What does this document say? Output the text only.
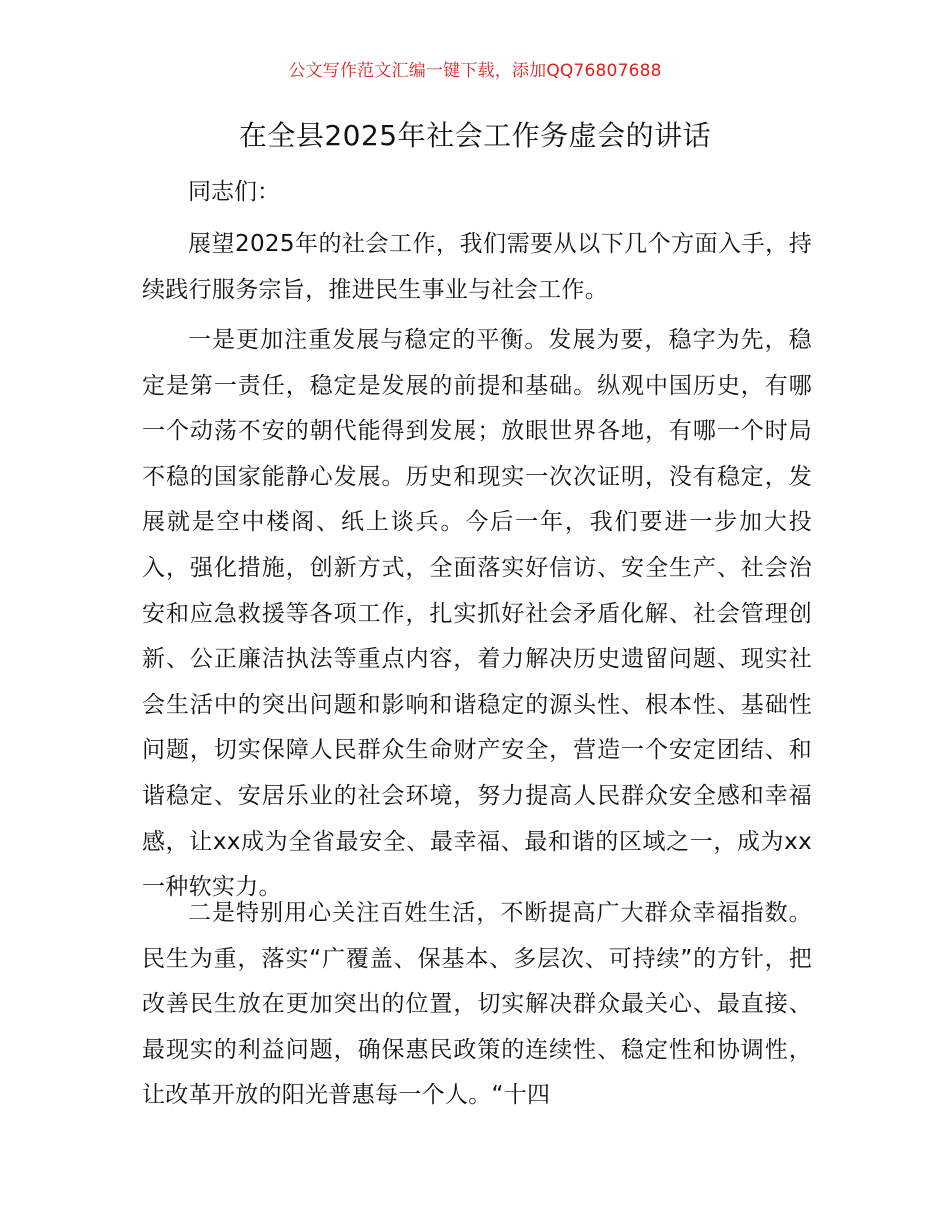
公文写作范文汇编一键下载，添加QQ76807688
在全县2025年社会工作务虚会的讲话

同志们：

展望2025年的社会工作，我们需要从以下几个方面入手，持续践行服务宗旨，推进民生事业与社会工作。

一是更加注重发展与稳定的平衡。发展为要，稳字为先，稳定是第一责任，稳定是发展的前提和基础。纵观中国历史，有哪一个动荡不安的朝代能得到发展；放眼世界各地，有哪一个时局不稳的国家能静心发展。历史和现实一次次证明，没有稳定，发展就是空中楼阁、纸上谈兵。今后一年，我们要进一步加大投入，强化措施，创新方式，全面落实好信访、安全生产、社会治安和应急救援等各项工作，扎实抓好社会矛盾化解、社会管理创新、公正廉洁执法等重点内容，着力解决历史遗留问题、现实社会生活中的突出问题和影响和谐稳定的源头性、根本性、基础性问题，切实保障人民群众生命财产安全，营造一个安定团结、和谐稳定、安居乐业的社会环境，努力提高人民群众安全感和幸福感，让xx成为全省最安全、最幸福、最和谐的区域之一，成为xx一种软实力。

二是特别用心关注百姓生活，不断提高广大群众幸福指数。民生为重，落实“广覆盖、保基本、多层次、可持续”的方针，把改善民生放在更加突出的位置，切实解决群众最关心、最直接、最现实的利益问题，确保惠民政策的连续性、稳定性和协调性，让改革开放的阳光普惠每一个人。“十四
